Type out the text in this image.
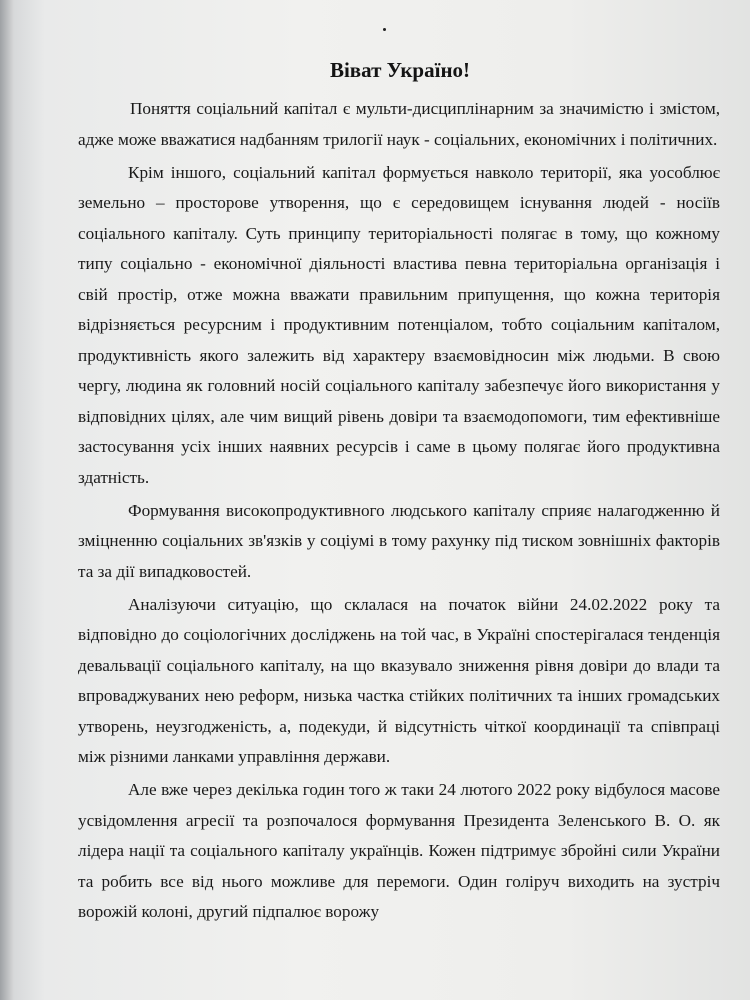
Віват Україно!

Поняття соціальний капітал є мульти-дисциплінарним за значимістю і змістом, адже може вважатися надбанням трилогії наук - соціальних, економічних і політичних.

Крім іншого, соціальний капітал формується навколо території, яка уособлює земельно – просторове утворення, що є середовищем існування людей - носіїв соціального капіталу. Суть принципу територіальності полягає в тому, що кожному типу соціально - економічної діяльності властива певна територіальна організація і свій простір, отже можна вважати правильним припущення, що кожна територія відрізняється ресурсним і продуктивним потенціалом, тобто соціальним капіталом, продуктивність якого залежить від характеру взаємовідносин між людьми. В свою чергу, людина як головний носій соціального капіталу забезпечує його використання у відповідних цілях, але чим вищий рівень довіри та взаємодопомоги, тим ефективніше застосування усіх інших наявних ресурсів і саме в цьому полягає його продуктивна здатність.

Формування високопродуктивного людського капіталу сприяє налагодженню й зміцненню соціальних зв'язків у соціумі в тому рахунку під тиском зовнішніх факторів та за дії випадковостей.

Аналізуючи ситуацію, що склалася на початок війни 24.02.2022 року та відповідно до соціологічних досліджень на той час, в Україні спостерігалася тенденція девальвації соціального капіталу, на що вказувало зниження рівня довіри до влади та впроваджуваних нею реформ, низька частка стійких політичних та інших громадських утворень, неузгодженість, а, подекуди, й відсутність чіткої координації та співпраці між різними ланками управління держави.

Але вже через декілька годин того ж таки 24 лютого 2022 року відбулося масове усвідомлення агресії та розпочалося формування Президента Зеленського В. О. як лідера нації та соціального капіталу українців. Кожен підтримує збройні сили України та робить все від нього можливе для перемоги. Один голіруч виходить на зустріч ворожій колоні, другий підпалює ворожу
